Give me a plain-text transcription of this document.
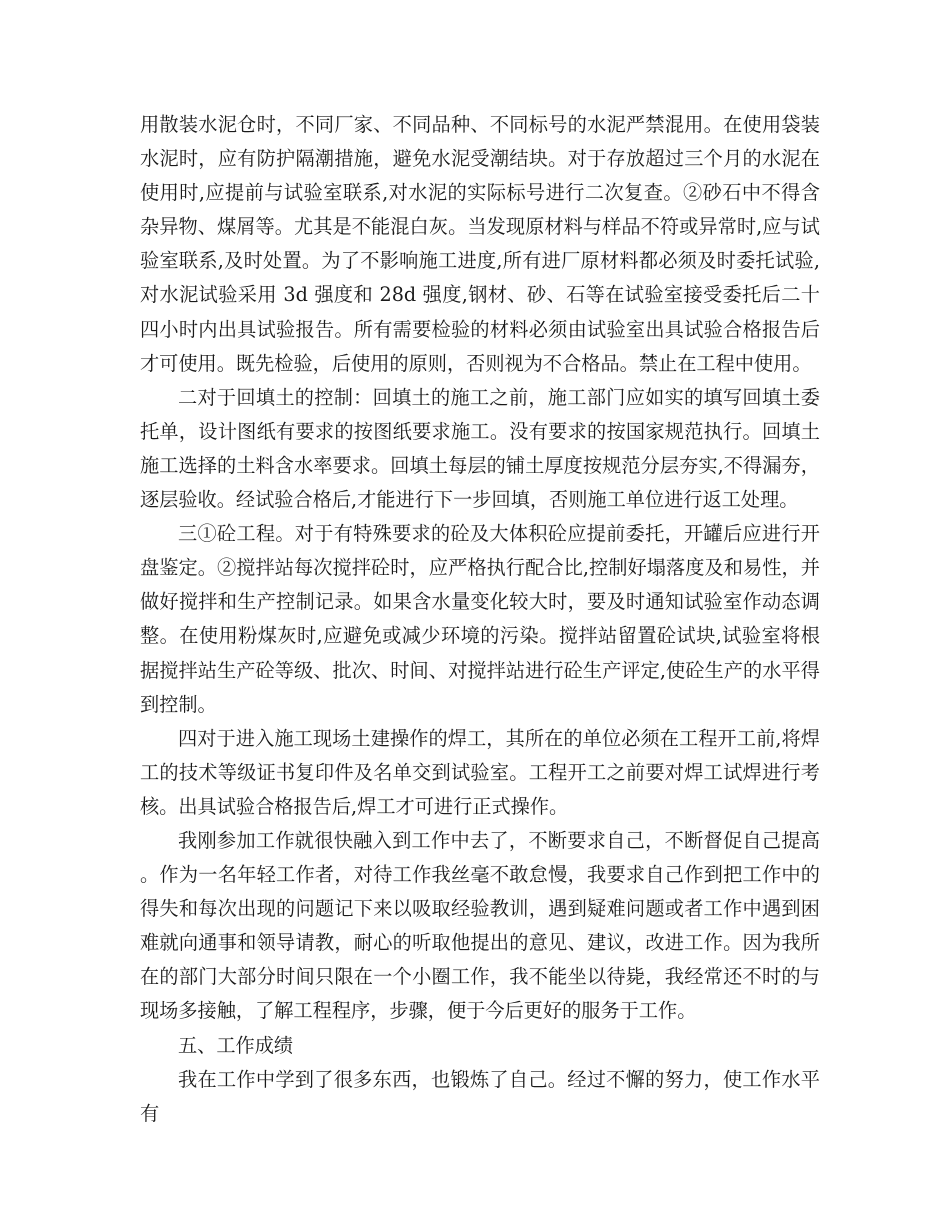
用散装水泥仓时，不同厂家、不同品种、不同标号的水泥严禁混用。在使用袋装水泥时，应有防护隔潮措施，避免水泥受潮结块。对于存放超过三个月的水泥在使用时,应提前与试验室联系,对水泥的实际标号进行二次复查。②砂石中不得含杂异物、煤屑等。尤其是不能混白灰。当发现原材料与样品不符或异常时,应与试验室联系,及时处置。为了不影响施工进度,所有进厂原材料都必须及时委托试验,对水泥试验采用 3d 强度和 28d 强度,钢材、砂、石等在试验室接受委托后二十四小时内出具试验报告。所有需要检验的材料必须由试验室出具试验合格报告后才可使用。既先检验，后使用的原则，否则视为不合格品。禁止在工程中使用。

二对于回填土的控制：回填土的施工之前，施工部门应如实的填写回填土委托单，设计图纸有要求的按图纸要求施工。没有要求的按国家规范执行。回填土施工选择的土料含水率要求。回填土每层的铺土厚度按规范分层夯实,不得漏夯，逐层验收。经试验合格后,才能进行下一步回填，否则施工单位进行返工处理。

三①砼工程。对于有特殊要求的砼及大体积砼应提前委托，开罐后应进行开盘鉴定。②搅拌站每次搅拌砼时，应严格执行配合比,控制好塌落度及和易性，并做好搅拌和生产控制记录。如果含水量变化较大时，要及时通知试验室作动态调整。在使用粉煤灰时,应避免或减少环境的污染。搅拌站留置砼试块,试验室将根据搅拌站生产砼等级、批次、时间、对搅拌站进行砼生产评定,使砼生产的水平得到控制。

四对于进入施工现场土建操作的焊工，其所在的单位必须在工程开工前,将焊工的技术等级证书复印件及名单交到试验室。工程开工之前要对焊工试焊进行考核。出具试验合格报告后,焊工才可进行正式操作。

我刚参加工作就很快融入到工作中去了，不断要求自己，不断督促自己提高。作为一名年轻工作者，对待工作我丝毫不敢怠慢，我要求自己作到把工作中的得失和每次出现的问题记下来以吸取经验教训，遇到疑难问题或者工作中遇到困难就向通事和领导请教，耐心的听取他提出的意见、建议，改进工作。因为我所在的部门大部分时间只限在一个小圈工作，我不能坐以待毙，我经常还不时的与现场多接触，了解工程程序，步骤，便于今后更好的服务于工作。

五、工作成绩

我在工作中学到了很多东西，也锻炼了自己。经过不懈的努力，使工作水平有
